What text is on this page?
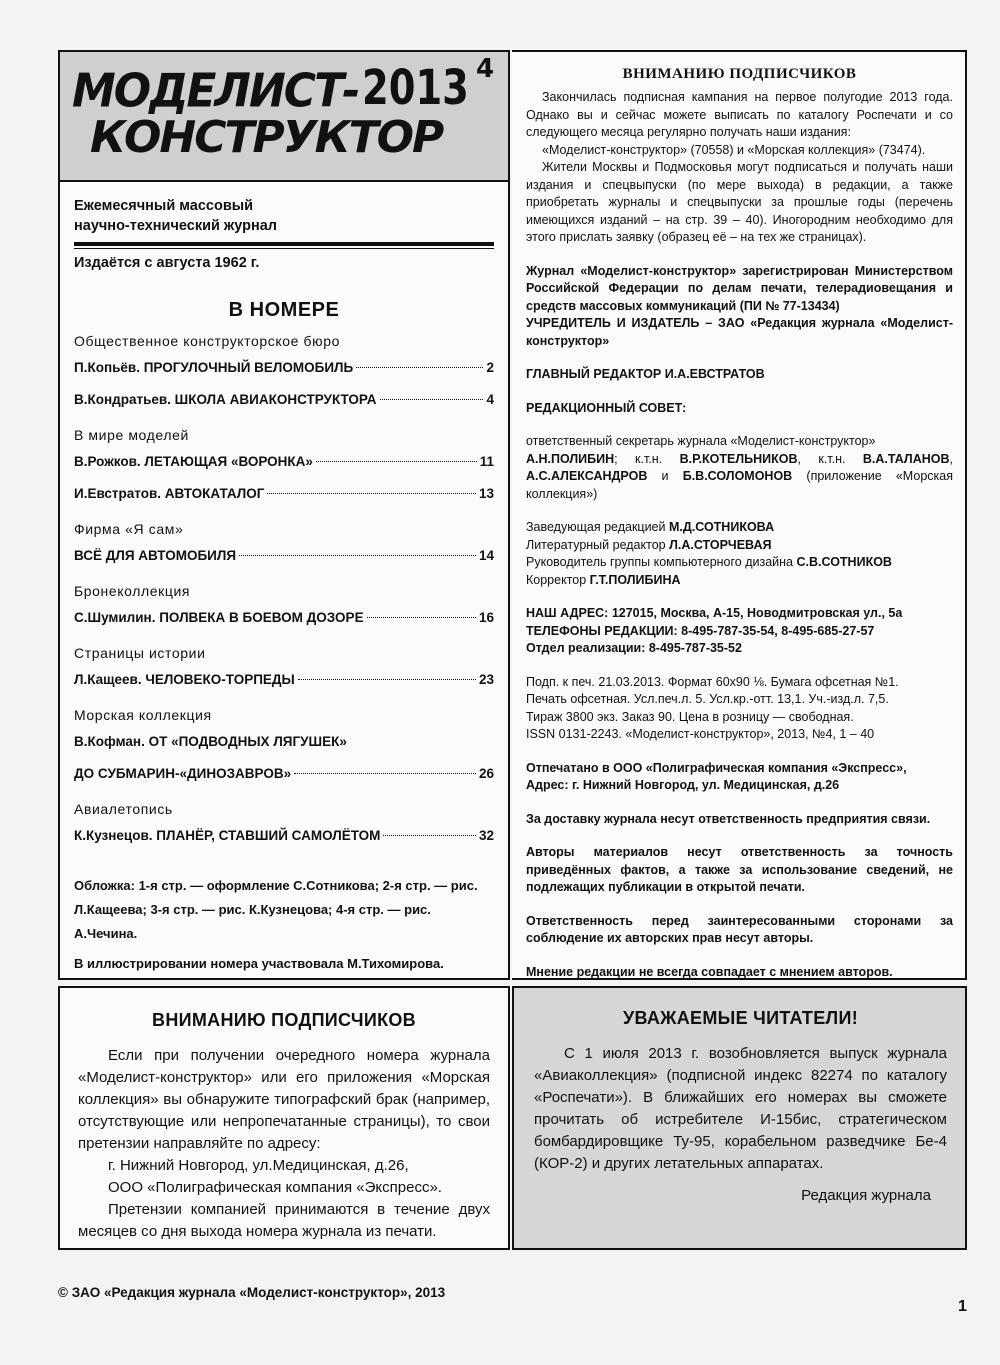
МОДЕЛИСТ-
КОНСТРУКТОР
2013 4
Ежемесячный массовый
научно-технический журнал
Издаётся с августа 1962 г.
В НОМЕРЕ
Общественное конструкторское бюро
П.Копьёв. ПРОГУЛОЧНЫЙ ВЕЛОМОБИЛЬ	2
В.Кондратьев. ШКОЛА АВИАКОНСТРУКТОРА	4
В мире моделей
В.Рожков. ЛЕТАЮЩАЯ «ВОРОНКА»	11
И.Евстратов. АВТОКАТАЛОГ	13
Фирма «Я сам»
ВСЁ ДЛЯ АВТОМОБИЛЯ	14
Бронеколлекция
С.Шумилин. ПОЛВЕКА В БОЕВОМ ДОЗОРЕ	16
Страницы истории
Л.Кащеев. ЧЕЛОВЕКО-ТОРПЕДЫ	23
Морская коллекция
В.Кофман. ОТ «ПОДВОДНЫХ ЛЯГУШЕК»
ДО СУБМАРИН-«ДИНОЗАВРОВ»	26
Авиалетопись
К.Кузнецов. ПЛАНЁР, СТАВШИЙ САМОЛЁТОМ	32
Обложка: 1-я стр. — оформление С.Сотникова; 2-я стр. — рис. Л.Кащеева; 3-я стр. — рис. К.Кузнецова; 4-я стр. — рис. А.Чечина.
В иллюстрировании номера участвовала М.Тихомирова.
ВНИМАНИЮ ПОДПИСЧИКОВ
Закончилась подписная кампания на первое полугодие 2013 года. Однако вы и сейчас можете выписать по каталогу Роспечати и со следующего месяца регулярно получать наши издания:
«Моделист-конструктор» (70558) и «Морская коллекция» (73474).
Жители Москвы и Подмосковья могут подписаться и получать наши издания и спецвыпуски (по мере выхода) в редакции, а также приобретать журналы и спецвыпуски за прошлые годы (перечень имеющихся изданий – на стр. 39 – 40). Иногородним необходимо для этого прислать заявку (образец её – на тех же страницах).
Журнал «Моделист-конструктор» зарегистрирован Министерством Российской Федерации по делам печати, телерадиовещания и средств массовых коммуникаций (ПИ № 77-13434)
УЧРЕДИТЕЛЬ И ИЗДАТЕЛЬ – ЗАО «Редакция журнала «Моделист-конструктор»
ГЛАВНЫЙ РЕДАКТОР И.А.ЕВСТРАТОВ
РЕДАКЦИОННЫЙ СОВЕТ:
ответственный секретарь журнала «Моделист-конструктор»
А.Н.ПОЛИБИН; к.т.н. В.Р.КОТЕЛЬНИКОВ, к.т.н. В.А.ТАЛАНОВ, А.С.АЛЕКСАНДРОВ и Б.В.СОЛОМОНОВ (приложение «Морская коллекция»)
Заведующая редакцией М.Д.СОТНИКОВА
Литературный редактор Л.А.СТОРЧЕВАЯ
Руководитель группы компьютерного дизайна С.В.СОТНИКОВ
Корректор Г.Т.ПОЛИБИНА
НАШ АДРЕС: 127015, Москва, А-15, Новодмитровская ул., 5а
ТЕЛЕФОНЫ РЕДАКЦИИ: 8-495-787-35-54, 8-495-685-27-57
Отдел реализации: 8-495-787-35-52
Подп. к печ. 21.03.2013. Формат 60х90 ⅛. Бумага офсетная №1.
Печать офсетная. Усл.печ.л. 5. Усл.кр.-отт. 13,1. Уч.-изд.л. 7,5.
Тираж 3800 экз. Заказ 90. Цена в розницу — свободная.
ISSN 0131-2243. «Моделист-конструктор», 2013, №4, 1 – 40
Отпечатано в ООО «Полиграфическая компания «Экспресс»,
Адрес: г. Нижний Новгород, ул. Медицинская, д.26
За доставку журнала несут ответственность предприятия связи.
Авторы материалов несут ответственность за точность приведённых фактов, а также за использование сведений, не подлежащих публикации в открытой печати.
Ответственность перед заинтересованными сторонами за соблюдение их авторских прав несут авторы.
Мнение редакции не всегда совпадает с мнением авторов.
ВНИМАНИЮ ПОДПИСЧИКОВ
Если при получении очередного номера журнала «Моделист-конструктор» или его приложения «Морская коллекция» вы обнаружите типографский брак (например, отсутствующие или непропечатанные страницы), то свои претензии направляйте по адресу:
г. Нижний Новгород, ул.Медицинская, д.26,
ООО «Полиграфическая компания «Экспресс».
Претензии компанией принимаются в течение двух месяцев со дня выхода номера журнала из печати.
УВАЖАЕМЫЕ ЧИТАТЕЛИ!
С 1 июля 2013 г. возобновляется выпуск журнала «Авиаколлекция» (подписной индекс 82274 по каталогу «Роспечати»). В ближайших его номерах вы сможете прочитать об истребителе И-15бис, стратегическом бомбардировщике Ту-95, корабельном разведчике Бе-4 (КОР-2) и других летательных аппаратах.
Редакция журнала
© ЗАО «Редакция журнала «Моделист-конструктор», 2013
1
